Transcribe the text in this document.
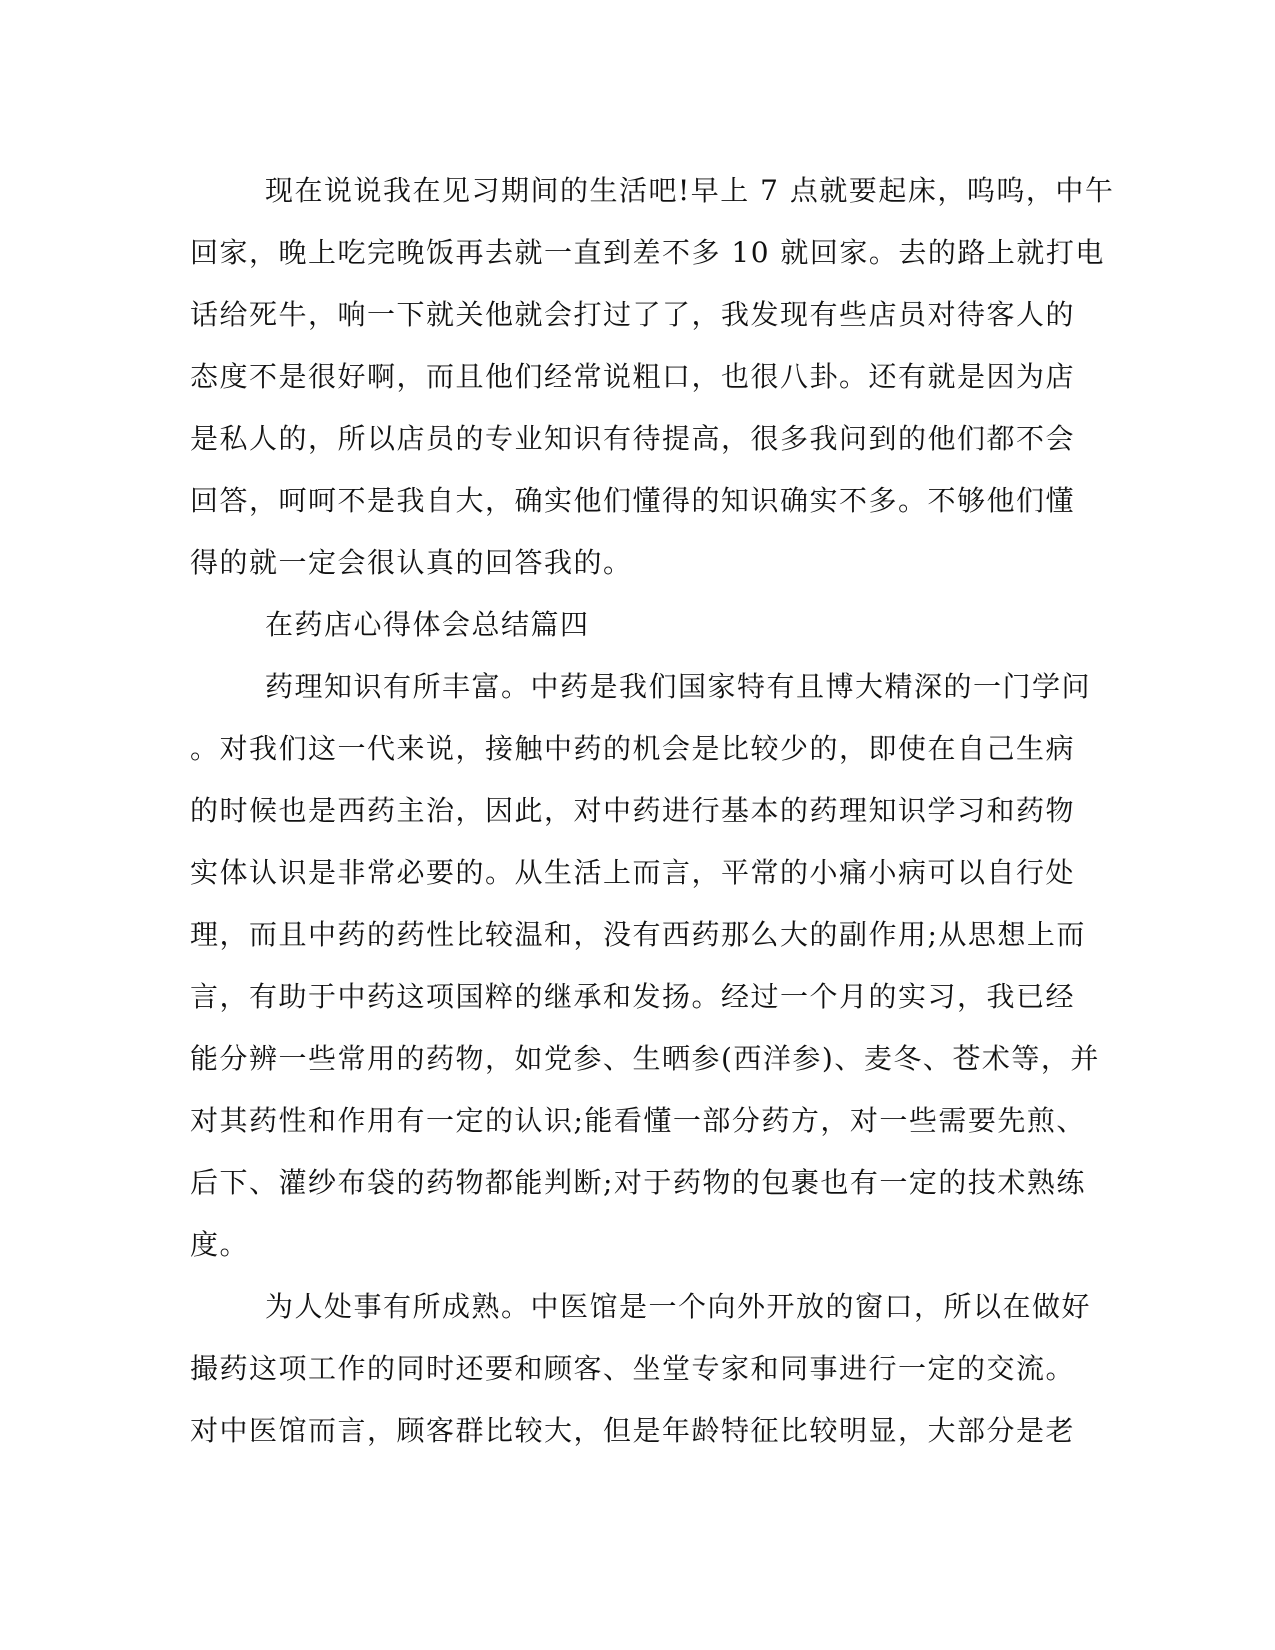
现在说说我在见习期间的生活吧!早上 7 点就要起床，呜呜，中午
回家，晚上吃完晚饭再去就一直到差不多 10 就回家。去的路上就打电
话给死牛，响一下就关他就会打过了了，我发现有些店员对待客人的
态度不是很好啊，而且他们经常说粗口，也很八卦。还有就是因为店
是私人的，所以店员的专业知识有待提高，很多我问到的他们都不会
回答，呵呵不是我自大，确实他们懂得的知识确实不多。不够他们懂
得的就一定会很认真的回答我的。
在药店心得体会总结篇四
药理知识有所丰富。中药是我们国家特有且博大精深的一门学问
。对我们这一代来说，接触中药的机会是比较少的，即使在自己生病
的时候也是西药主治，因此，对中药进行基本的药理知识学习和药物
实体认识是非常必要的。从生活上而言，平常的小痛小病可以自行处
理，而且中药的药性比较温和，没有西药那么大的副作用;从思想上而
言，有助于中药这项国粹的继承和发扬。经过一个月的实习，我已经
能分辨一些常用的药物，如党参、生晒参(西洋参)、麦冬、苍术等，并
对其药性和作用有一定的认识;能看懂一部分药方，对一些需要先煎、
后下、灌纱布袋的药物都能判断;对于药物的包裹也有一定的技术熟练
度。
为人处事有所成熟。中医馆是一个向外开放的窗口，所以在做好
撮药这项工作的同时还要和顾客、坐堂专家和同事进行一定的交流。
对中医馆而言，顾客群比较大，但是年龄特征比较明显，大部分是老
